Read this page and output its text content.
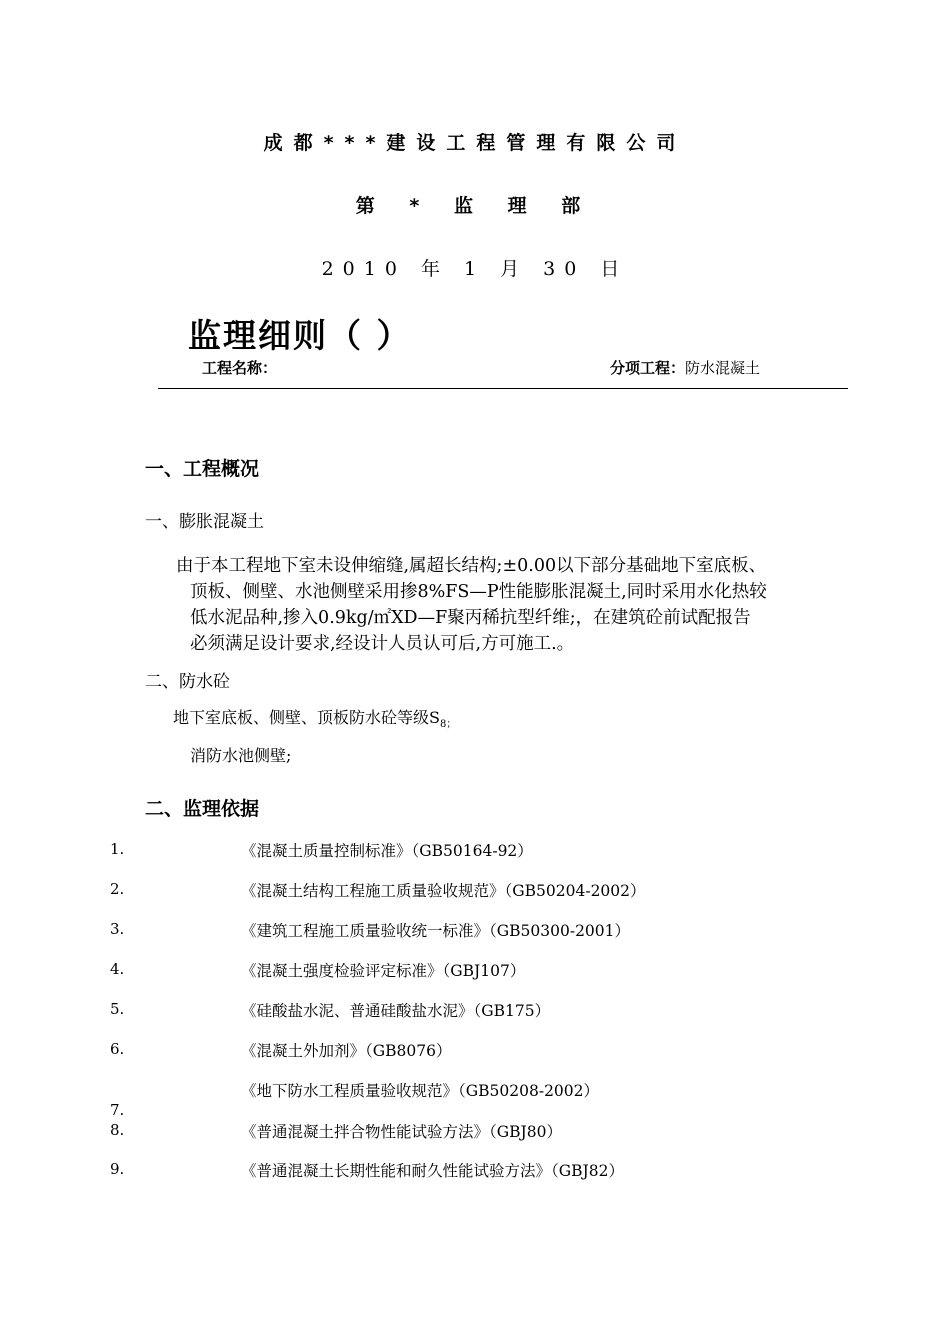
成都***建设工程管理有限公司
第 * 监 理 部
2010 年 1 月 30 日
监理细则（ ）
工程名称：	分项工程：防水混凝土
一、工程概况
一、膨胀混凝土
由于本工程地下室未设伸缩缝,属超长结构;±0.00以下部分基础地下室底板、
顶板、侧壁、水池侧壁采用掺8%FS—P性能膨胀混凝土,同时采用水化热较
低水泥品种,掺入0.9kg/㎡XD—F聚丙稀抗型纤维;，在建筑砼前试配报告
必须满足设计要求,经设计人员认可后,方可施工.。
二、防水砼
地下室底板、侧壁、顶板防水砼等级$S_{8;}$
消防水池侧壁;
二、监理依据
1.	《混凝土质量控制标准》（GB50164-92）
2.	《混凝土结构工程施工质量验收规范》（GB50204-2002）
3.	《建筑工程施工质量验收统一标准》（GB50300-2001）
4.	《混凝土强度检验评定标准》（GBJ107）
5.	《硅酸盐水泥、普通硅酸盐水泥》（GB175）
6.	《混凝土外加剂》（GB8076）
《地下防水工程质量验收规范》（GB50208-2002）
7.
8.	《普通混凝土拌合物性能试验方法》（GBJ80）
9.	《普通混凝土长期性能和耐久性能试验方法》（GBJ82）
